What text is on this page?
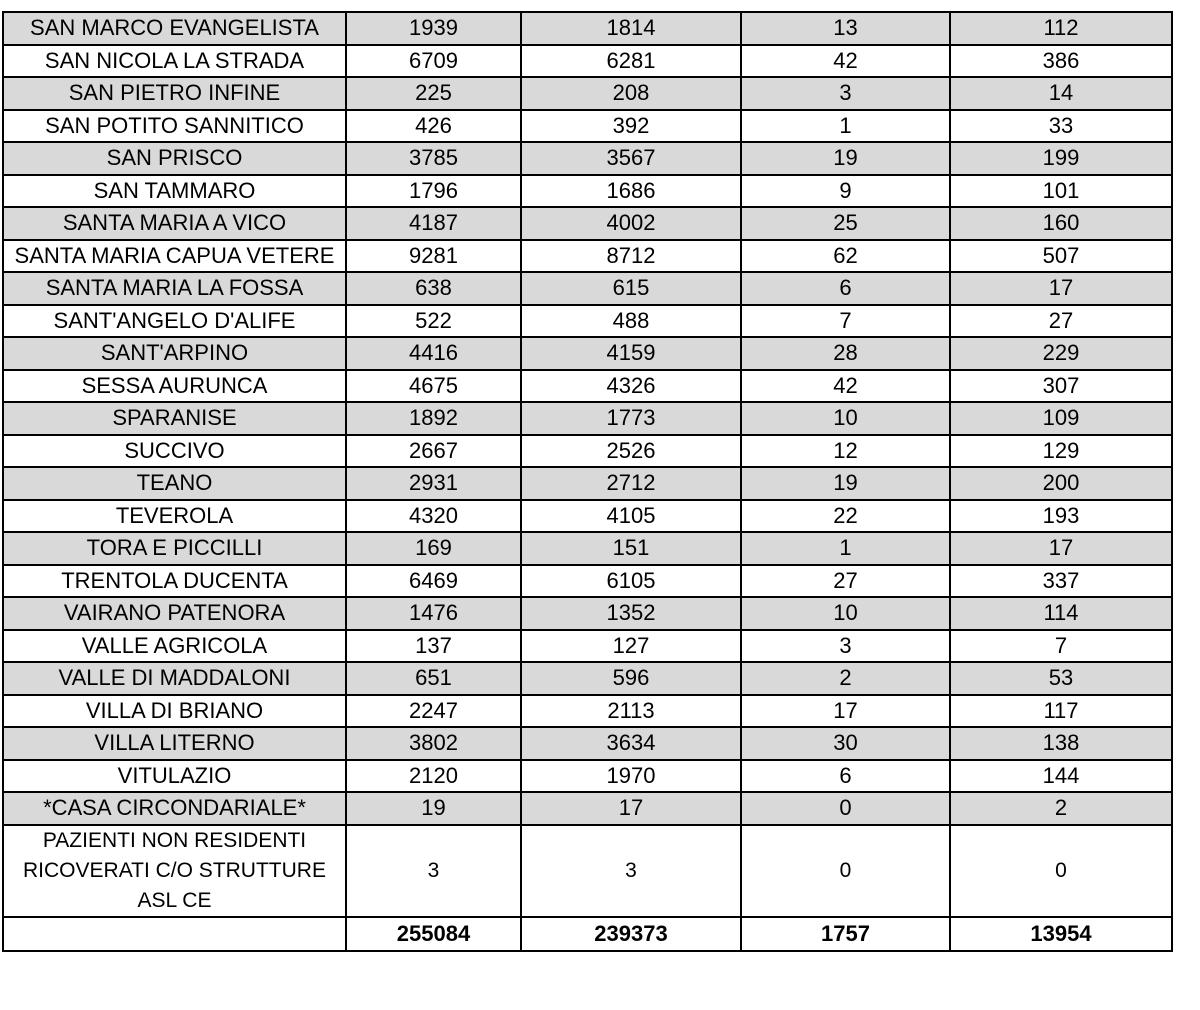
SAN MARCO EVANGELISTA	1939	1814	13	112
SAN NICOLA LA STRADA	6709	6281	42	386
SAN PIETRO INFINE	225	208	3	14
SAN POTITO SANNITICO	426	392	1	33
SAN PRISCO	3785	3567	19	199
SAN TAMMARO	1796	1686	9	101
SANTA MARIA A VICO	4187	4002	25	160
SANTA MARIA CAPUA VETERE	9281	8712	62	507
SANTA MARIA LA FOSSA	638	615	6	17
SANT'ANGELO D'ALIFE	522	488	7	27
SANT'ARPINO	4416	4159	28	229
SESSA AURUNCA	4675	4326	42	307
SPARANISE	1892	1773	10	109
SUCCIVO	2667	2526	12	129
TEANO	2931	2712	19	200
TEVEROLA	4320	4105	22	193
TORA E PICCILLI	169	151	1	17
TRENTOLA DUCENTA	6469	6105	27	337
VAIRANO PATENORA	1476	1352	10	114
VALLE AGRICOLA	137	127	3	7
VALLE DI MADDALONI	651	596	2	53
VILLA DI BRIANO	2247	2113	17	117
VILLA LITERNO	3802	3634	30	138
VITULAZIO	2120	1970	6	144
*CASA CIRCONDARIALE*	19	17	0	2
PAZIENTI NON RESIDENTI RICOVERATI C/O STRUTTURE ASL CE	3	3	0	0
	255084	239373	1757	13954
